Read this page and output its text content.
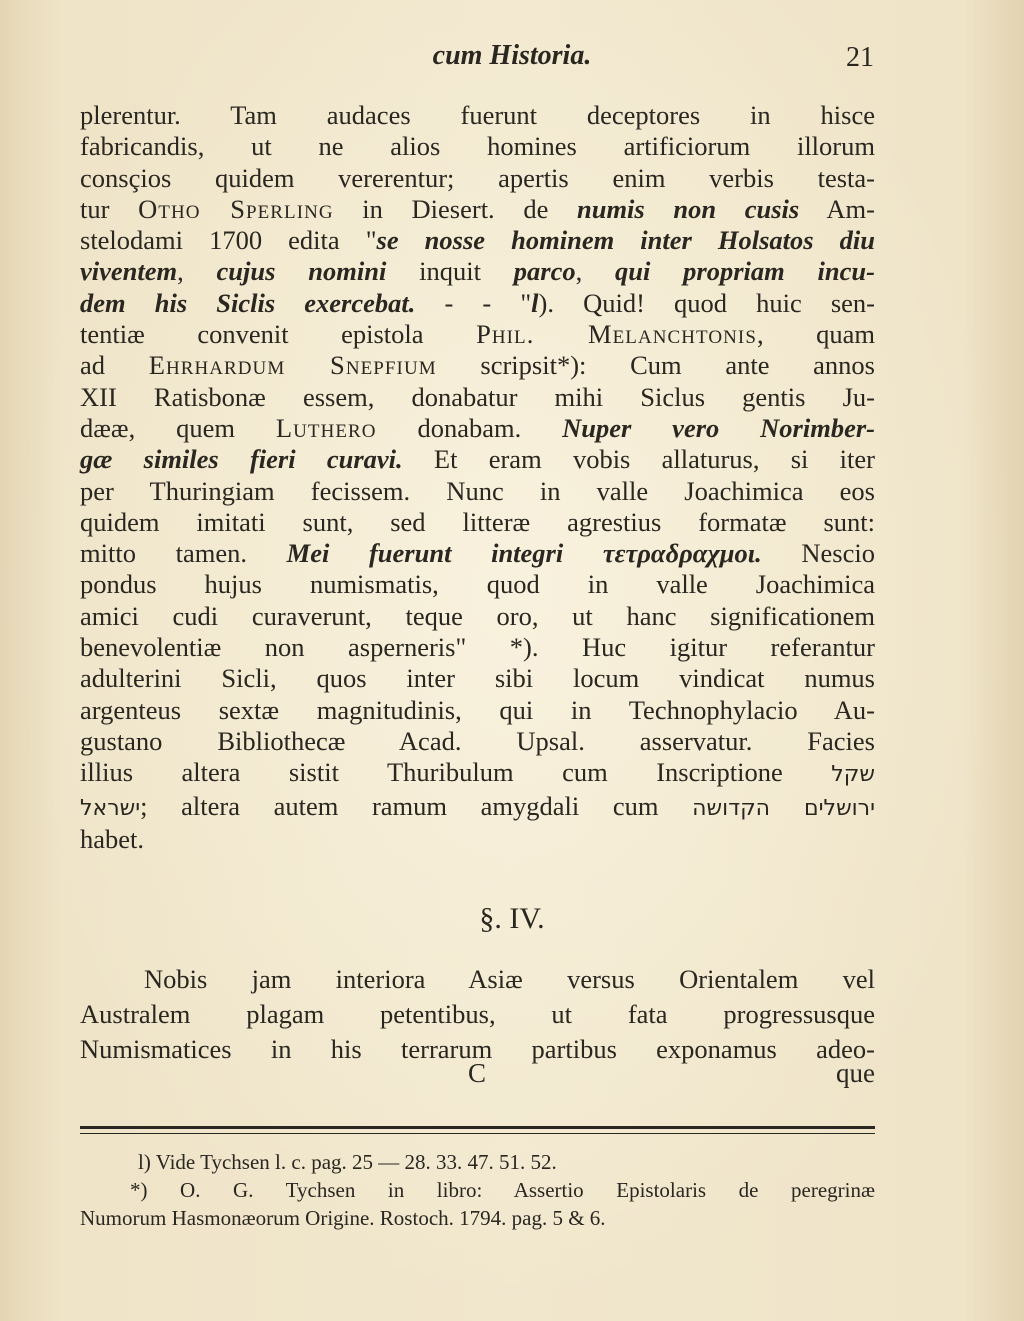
cum Historia.	21
plerentur. Tam audaces fuerunt deceptores in hisce
fabricandis, ut ne alios homines artificiorum illorum
consçios quidem vererentur; apertis enim verbis testa-
tur Otho Sperling in Diesert. de numis non cusis Am-
stelodami 1700 edita "se nosse hominem inter Holsatos diu
viventem, cujus nomini inquit parco, qui propriam incu-
dem his Siclis exercebat. - - "l). Quid! quod huic sen-
tentiæ convenit epistola Phil. Melanchtonis, quam
ad Ehrhardum Snepfium scripsit*): Cum ante annos
XII Ratisbonæ essem, donabatur mihi Siclus gentis Ju-
dææ, quem Luthero donabam. Nuper vero Norimber-
gæ similes fieri curavi. Et eram vobis allaturus, si iter
per Thuringiam fecissem. Nunc in valle Joachimica eos
quidem imitati sunt, sed litteræ agrestius formatæ sunt:
mitto tamen. Mei fuerunt integri τετραδραχμοι. Nescio
pondus hujus numismatis, quod in valle Joachimica
amici cudi curaverunt, teque oro, ut hanc significationem
benevolentiæ non asperneris" *). Huc igitur referantur
adulterini Sicli, quos inter sibi locum vindicat numus
argenteus sextæ magnitudinis, qui in Technophylacio Au-
gustano Bibliothecæ Acad. Upsal. asservatur. Facies
illius altera sistit Thuribulum cum Inscriptione שקל
ישראל; altera autem ramum amygdali cum ירושלים הקדושה
habet.
§. IV.
Nobis jam interiora Asiæ versus Orientalem vel
Australem plagam petentibus, ut fata progressusque
Numismatices in his terrarum partibus exponamus adeo-
C	que
l) Vide Tychsen l. c. pag. 25 — 28. 33. 47. 51. 52.
*) O. G. Tychsen in libro: Assertio Epistolaris de peregrinæ
Numorum Hasmonæorum Origine. Rostoch. 1794. pag. 5 & 6.
